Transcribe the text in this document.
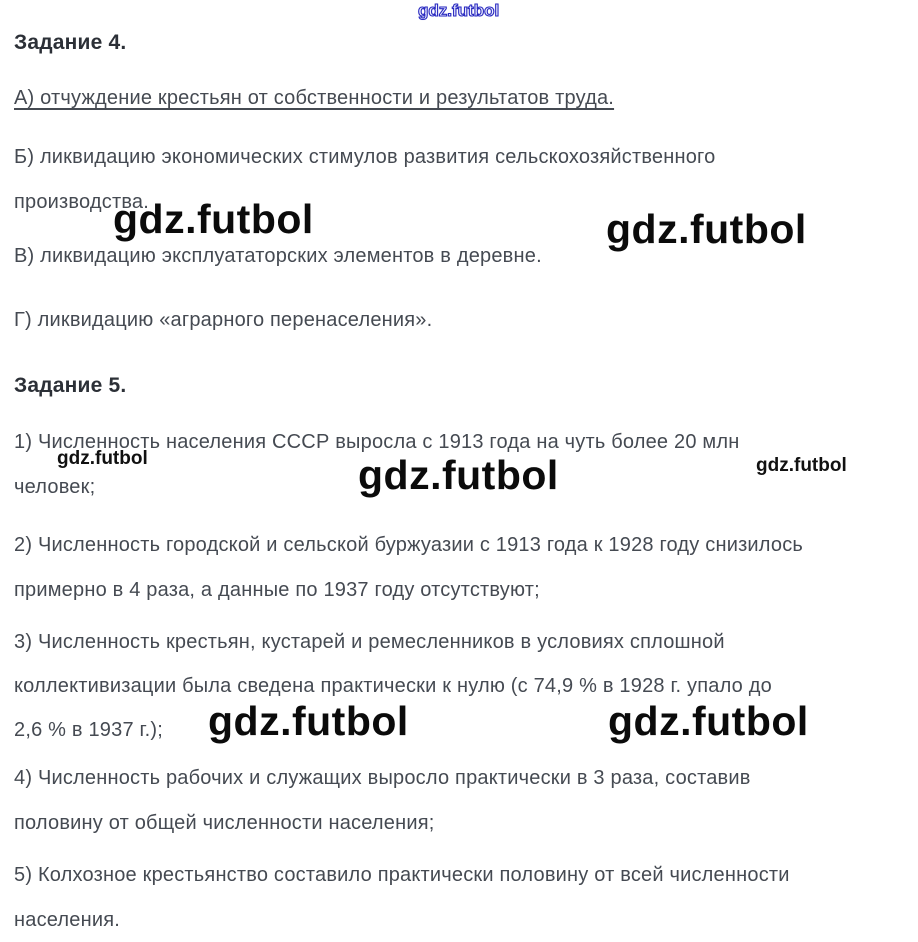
gdz.futbol
gdz.futbol	gdz.futbol
gdz.futbol	gdz.futbol	gdz.futbol
gdz.futbol	gdz.futbol
Задание 4.
А) отчуждение крестьян от собственности и результатов труда.
Б) ликвидацию экономических стимулов развития сельскохозяйственного
производства.
В) ликвидацию эксплуататорских элементов в деревне.
Г) ликвидацию «аграрного перенаселения».
Задание 5.
1) Численность населения СССР выросла с 1913 года на чуть более 20 млн
человек;
2) Численность городской и сельской буржуазии с 1913 года к 1928 году снизилось
примерно в 4 раза, а данные по 1937 году отсутствуют;
3) Численность крестьян, кустарей и ремесленников в условиях сплошной
коллективизации была сведена практически к нулю (с 74,9 % в 1928 г. упало до
2,6 % в 1937 г.);
4) Численность рабочих и служащих выросло практически в 3 раза, составив
половину от общей численности населения;
5) Колхозное крестьянство составило практически половину от всей численности
населения.
